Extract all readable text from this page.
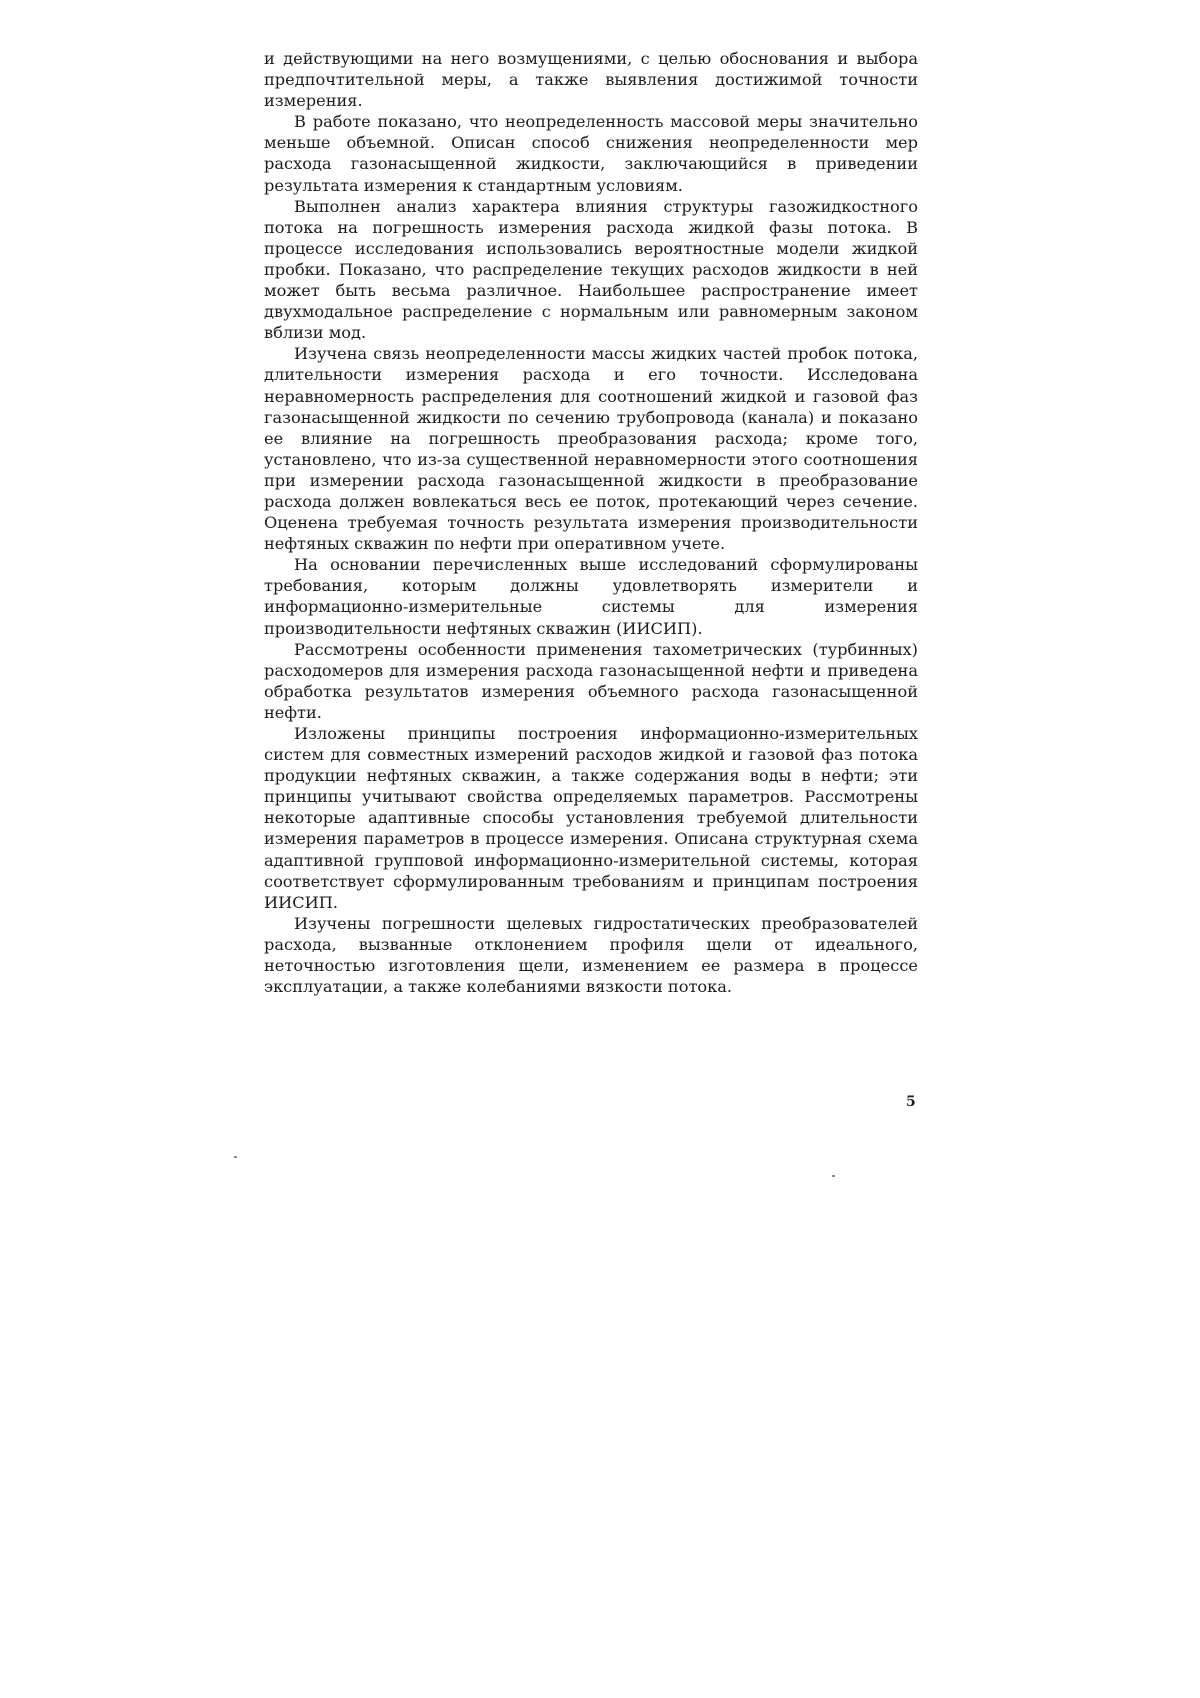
и действующими на него возмущениями, с целью обоснования и выбора предпочтительной меры, а также выявления достижимой точности измерения.

В работе показано, что неопределенность массовой меры значительно меньше объемной. Описан способ снижения неопределенности мер расхода газонасыщенной жидкости, заключающийся в приведении результата измерения к стандартным условиям.

Выполнен анализ характера влияния структуры газожидкостного потока на погрешность измерения расхода жидкой фазы потока. В процессе исследования использовались вероятностные модели жидкой пробки. Показано, что распределение текущих расходов жидкости в ней может быть весьма различное. Наибольшее распространение имеет двухмодальное распределение с нормальным или равномерным законом вблизи мод.

Изучена связь неопределенности массы жидких частей пробок потока, длительности измерения расхода и его точности. Исследована неравномерность распределения для соотношений жидкой и газовой фаз газонасыщенной жидкости по сечению трубопровода (канала) и показано ее влияние на погрешность преобразования расхода; кроме того, установлено, что из-за существенной неравномерности этого соотношения при измерении расхода газонасыщенной жидкости в преобразование расхода должен вовлекаться весь ее поток, протекающий через сечение. Оценена требуемая точность результата измерения производительности нефтяных скважин по нефти при оперативном учете.

На основании перечисленных выше исследований сформулированы требования, которым должны удовлетворять измерители и информационно-измерительные системы для измерения производительности нефтяных скважин (ИИСИП).

Рассмотрены особенности применения тахометрических (турбинных) расходомеров для измерения расхода газонасыщенной нефти и приведена обработка результатов измерения объемного расхода газонасыщенной нефти.

Изложены принципы построения информационно-измерительных систем для совместных измерений расходов жидкой и газовой фаз потока продукции нефтяных скважин, а также содержания воды в нефти; эти принципы учитывают свойства определяемых параметров. Рассмотрены некоторые адаптивные способы установления требуемой длительности измерения параметров в процессе измерения. Описана структурная схема адаптивной групповой информационно-измерительной системы, которая соответствует сформулированным требованиям и принципам построения ИИСИП.

Изучены погрешности щелевых гидростатических преобразователей расхода, вызванные отклонением профиля щели от идеального, неточностью изготовления щели, изменением ее размера в процессе эксплуатации, а также колебаниями вязкости потока.

5
